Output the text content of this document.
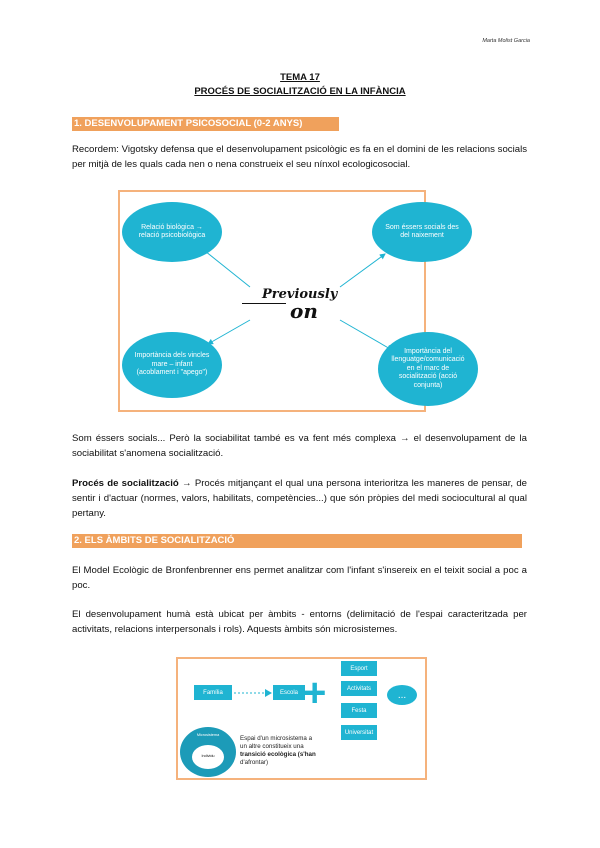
Marta Molist Garcia
TEMA 17
PROCÉS DE SOCIALITZACIÓ EN LA INFÀNCIA
1. DESENVOLUPAMENT PSICOSOCIAL (0-2 ANYS)
Recordem: Vigotsky defensa que el desenvolupament psicològic es fa en el domini de les relacions socials per mitjà de les quals cada nen o nena construeix el seu nínxol ecologicosocial.
Relació biològica → relació psicobiològica
Som éssers socials des del naixement
Importància dels vincles mare – infant (acoblament i "apego")
Importància del llenguatge/comunicació en el marc de socialització (acció conjunta)
Previously
on
Som éssers socials... Però la sociabilitat també es va fent més complexa → el desenvolupament de la sociabilitat s'anomena socialització.
Procés de socialització → Procés mitjançant el qual una persona interioritza les maneres de pensar, de sentir i d'actuar (normes, valors, habilitats, competències...) que són pròpies del medi sociocultural al qual pertany.
2. ELS ÀMBITS DE SOCIALITZACIÓ
El Model Ecològic de Bronfenbrenner ens permet analitzar com l'infant s'insereix en el teixit social a poc a poc.
El desenvolupament humà està ubicat per àmbits - entorns (delimitació de l'espai caracteritzada per activitats, relacions interpersonals i rols). Aquests àmbits són microsistemes.
Família	Escola +
Esport
Activitats
Festa
Universitat
...
Microsistema
Individu
Espai d'un microsistema a
un altre constitueix una
transició ecològica (s'han
d'afrontar)
